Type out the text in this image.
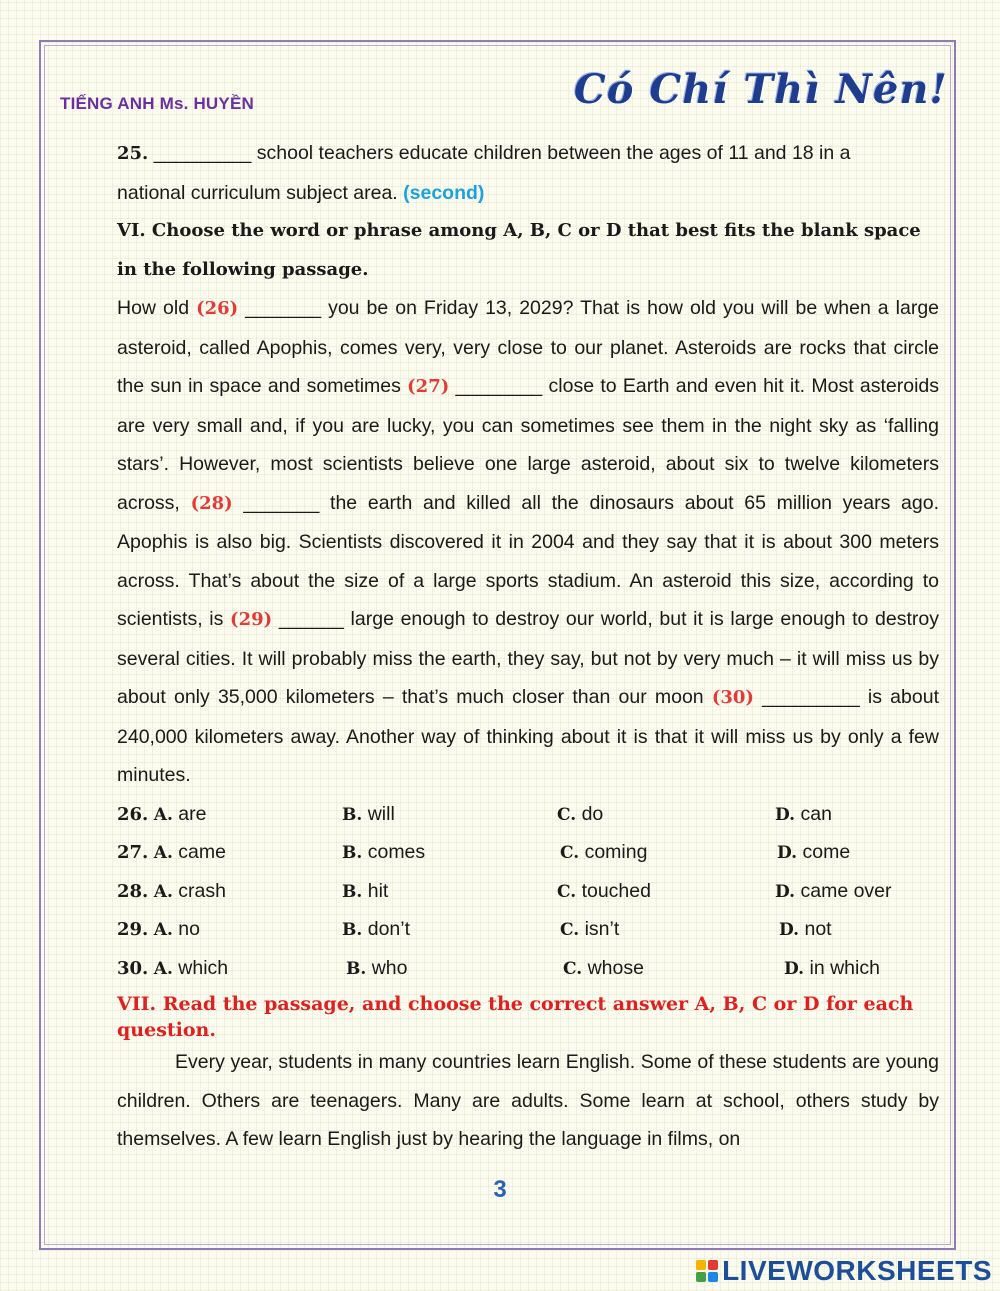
TIẾNG ANH Ms. HUYỀN	Có Chí Thì Nên!

25. _________ school teachers educate children between the ages of 11 and 18 in a

national curriculum subject area. (second)

VI. Choose the word or phrase among A, B, C or D that best fits the blank space in the following passage.

How old (26) _______ you be on Friday 13, 2029? That is how old you will be when a large asteroid, called Apophis, comes very, very close to our planet. Asteroids are rocks that circle the sun in space and sometimes (27) ________ close to Earth and even hit it. Most asteroids are very small and, if you are lucky, you can sometimes see them in the night sky as ‘falling stars’. However, most scientists believe one large asteroid, about six to twelve kilometers across, (28) _______ the earth and killed all the dinosaurs about 65 million years ago. Apophis is also big. Scientists discovered it in 2004 and they say that it is about 300 meters across. That’s about the size of a large sports stadium. An asteroid this size, according to scientists, is (29) ______ large enough to destroy our world, but it is large enough to destroy several cities. It will probably miss the earth, they say, but not by very much – it will miss us by about only 35,000 kilometers – that’s much closer than our moon (30) _________ is about 240,000 kilometers away. Another way of thinking about it is that it will miss us by only a few minutes.

26. A. are	B. will	C. do	D. can
27. A. came	B. comes	C. coming	D. come
28. A. crash	B. hit	C. touched	D. came over
29. A. no	B. don’t	C. isn’t	D. not
30. A. which	B. who	C. whose	D. in which

VII. Read the passage, and choose the correct answer A, B, C or D for each question.

Every year, students in many countries learn English. Some of these students are young children. Others are teenagers. Many are adults. Some learn at school, others study by themselves. A few learn English just by hearing the language in films, on

3
LIVEWORKSHEETS
